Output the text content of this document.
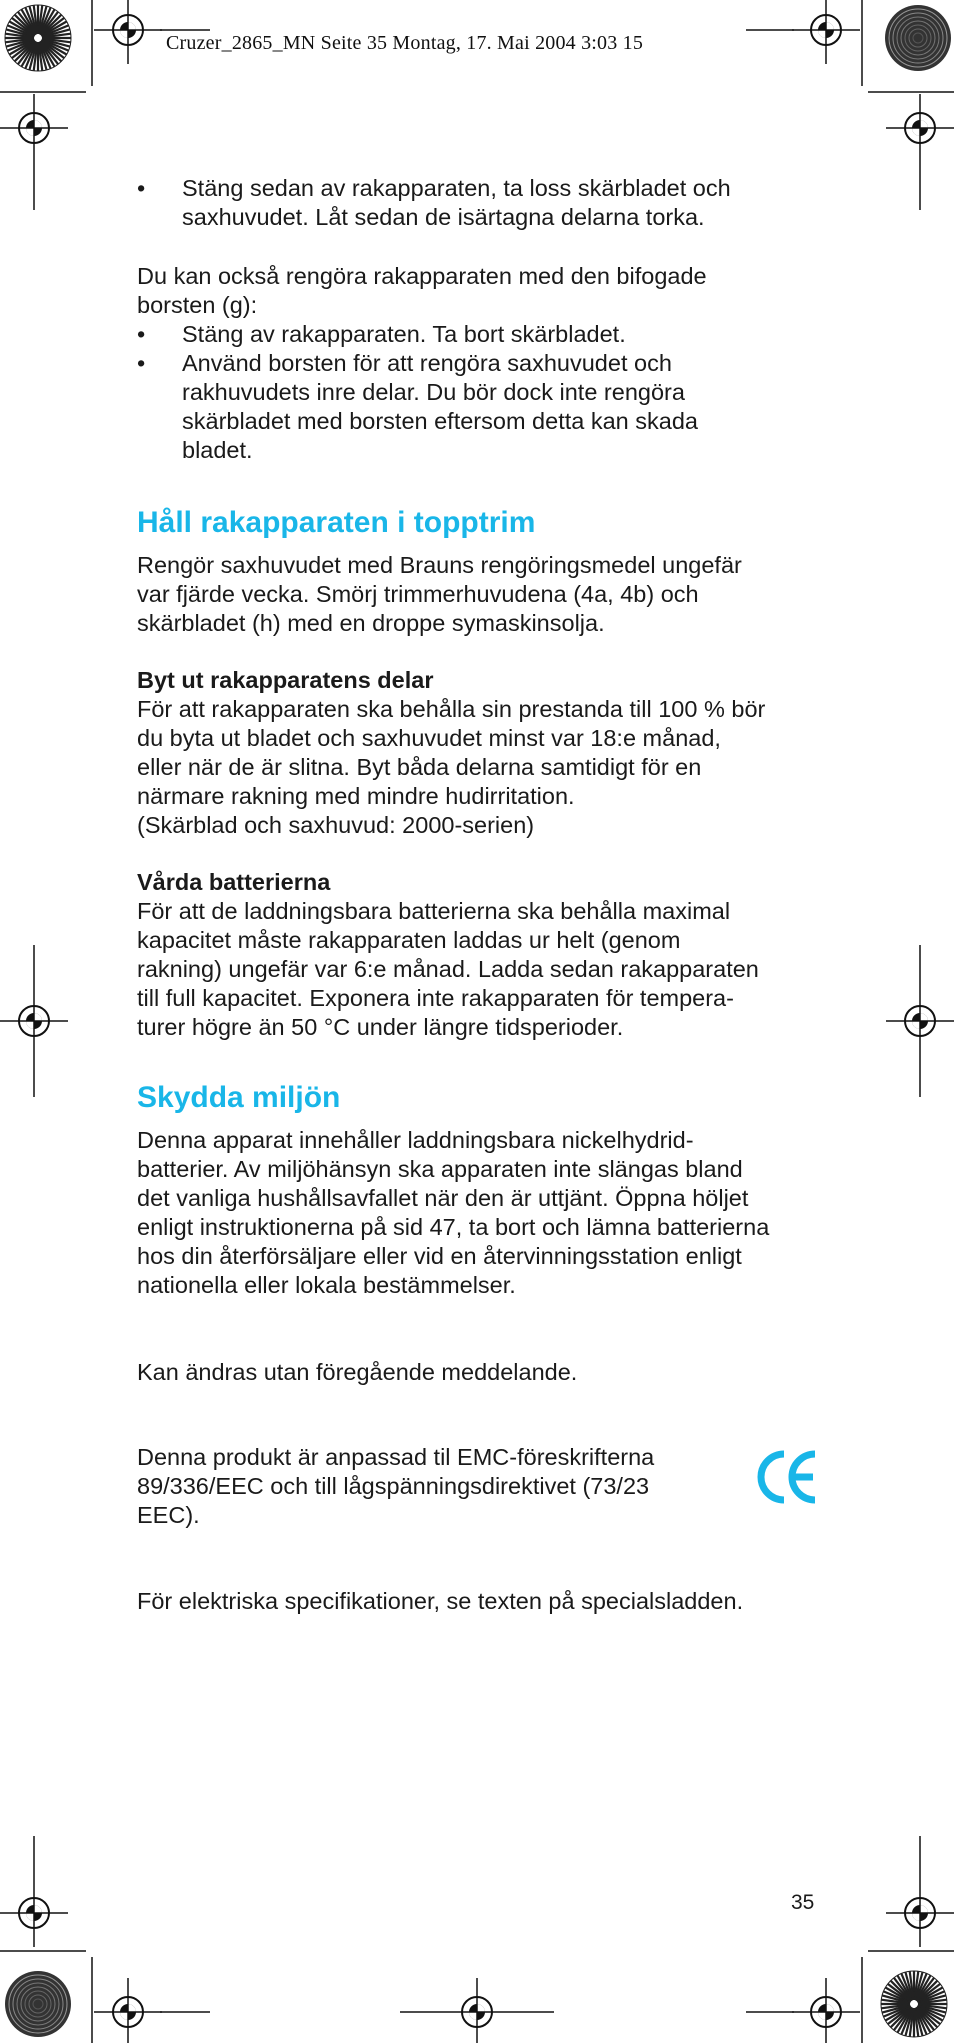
Cruzer_2865_MN Seite 35 Montag, 17. Mai 2004 3:03 15
•	Stäng sedan av rakapparaten, ta loss skärbladet och

saxhuvudet. Låt sedan de isärtagna delarna torka.

Du kan också rengöra rakapparaten med den bifogade

borsten (g):

•	Stäng av rakapparaten. Ta bort skärbladet.

•	Använd borsten för att rengöra saxhuvudet och

rakhuvudets inre delar. Du bör dock inte rengöra

skärbladet med borsten eftersom detta kan skada

bladet.

Håll rakapparaten i topptrim

Rengör saxhuvudet med Brauns rengöringsmedel ungefär

var fjärde vecka. Smörj trimmerhuvudena (4a, 4b) och

skärbladet (h) med en droppe symaskinsolja.

Byt ut rakapparatens delar

För att rakapparaten ska behålla sin prestanda till 100 % bör

du byta ut bladet och saxhuvudet minst var 18:e månad,

eller när de är slitna. Byt båda delarna samtidigt för en

närmare rakning med mindre hudirritation.

(Skärblad och saxhuvud: 2000-serien)

Vårda batterierna

För att de laddningsbara batterierna ska behålla maximal

kapacitet måste rakapparaten laddas ur helt (genom

rakning) ungefär var 6:e månad. Ladda sedan rakapparaten

till full kapacitet. Exponera inte rakapparaten för tempera-

turer högre än 50 °C under längre tidsperioder.

Skydda miljön

Denna apparat innehåller laddningsbara nickelhydrid-

batterier. Av miljöhänsyn ska apparaten inte slängas bland

det vanliga hushållsavfallet när den är uttjänt. Öppna höljet

enligt instruktionerna på sid 47, ta bort och lämna batterierna

hos din återförsäljare eller vid en återvinningsstation enligt

nationella eller lokala bestämmelser.

Kan ändras utan föregående meddelande.

Denna produkt är anpassad til EMC-föreskrifterna

89/336/EEC och till lågspänningsdirektivet (73/23

EEC).

För elektriska specifikationer, se texten på specialsladden.

35
